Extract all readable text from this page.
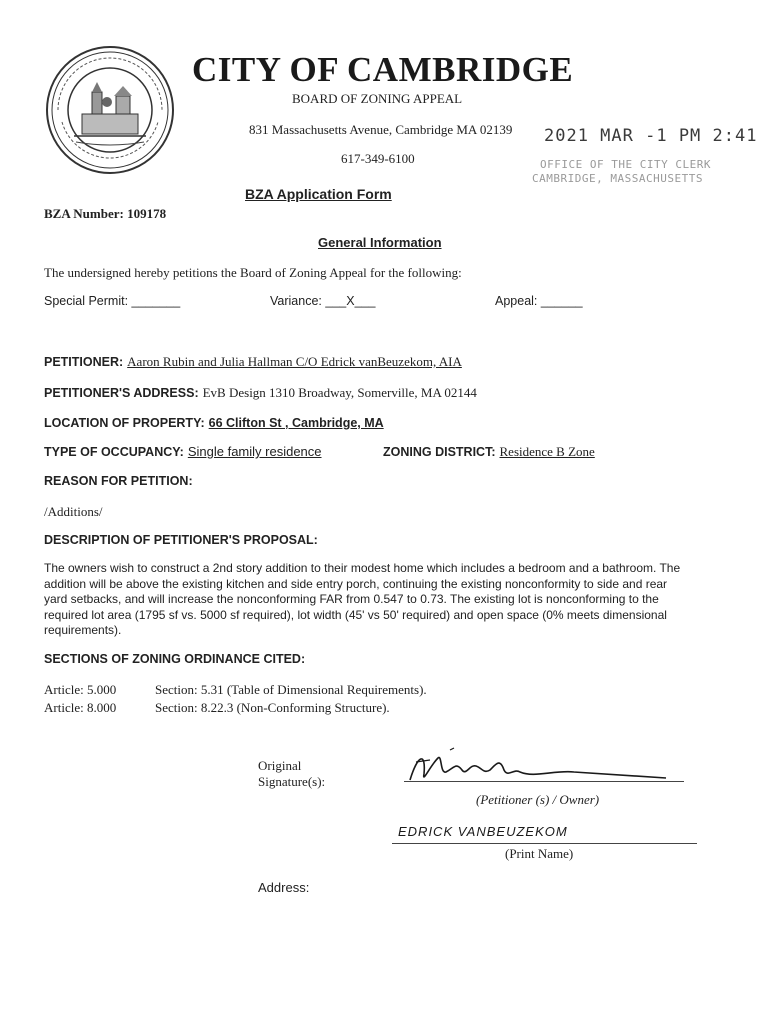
CITY OF CAMBRIDGE
BOARD OF ZONING APPEAL
831 Massachusetts Avenue, Cambridge MA 02139
617-349-6100
2021 MAR -1 PM 2:41
OFFICE OF THE CITY CLERK
CAMBRIDGE, MASSACHUSETTS
BZA Application Form
BZA Number: 109178
General Information
The undersigned hereby petitions the Board of Zoning Appeal for the following:
Special Permit: _______	Variance: ___X___	Appeal: ______
PETITIONER: Aaron Rubin and Julia Hallman C/O Edrick vanBeuzekom, AIA
PETITIONER'S ADDRESS: EvB Design 1310 Broadway, Somerville, MA 02144
LOCATION OF PROPERTY: 66 Clifton St , Cambridge, MA
TYPE OF OCCUPANCY: Single family residence	ZONING DISTRICT: Residence B Zone
REASON FOR PETITION:
/Additions/
DESCRIPTION OF PETITIONER'S PROPOSAL:
The owners wish to construct a 2nd story addition to their modest home which includes a bedroom and a bathroom. The addition will be above the existing kitchen and side entry porch, continuing the existing nonconformity to side and rear yard setbacks, and will increase the nonconforming FAR from 0.547 to 0.73. The existing lot is nonconforming to the required lot area (1795 sf vs. 5000 sf required), lot width (45' vs 50' required) and open space (0% meets dimensional requirements).
SECTIONS OF ZONING ORDINANCE CITED:
Article: 5.000	Section: 5.31 (Table of Dimensional Requirements).
Article: 8.000	Section: 8.22.3 (Non-Conforming Structure).
Original
Signature(s):
(Petitioner (s) / Owner)
EDRICK VANBEUZEKOM
(Print Name)
Address:
